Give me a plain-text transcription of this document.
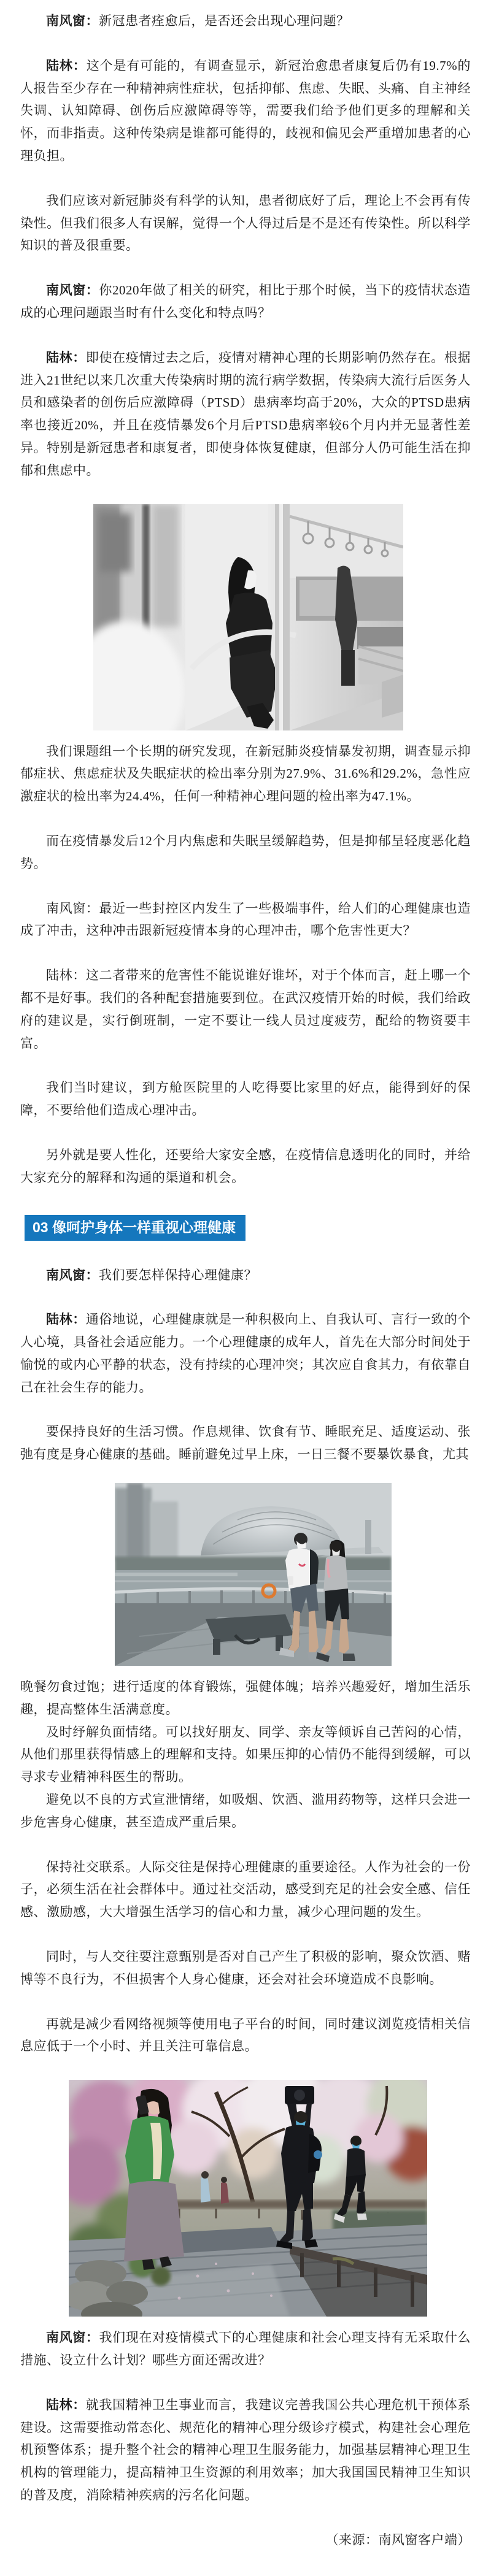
南风窗：新冠患者痊愈后，是否还会出现心理问题？

陆林：这个是有可能的，有调查显示，新冠治愈患者康复后仍有19.7%的人报告至少存在一种精神病性症状，包括抑郁、焦虑、失眠、头痛、自主神经失调、认知障碍、创伤后应激障碍等等，需要我们给予他们更多的理解和关怀，而非指责。这种传染病是谁都可能得的，歧视和偏见会严重增加患者的心理负担。

我们应该对新冠肺炎有科学的认知，患者彻底好了后，理论上不会再有传染性。但我们很多人有误解，觉得一个人得过后是不是还有传染性。所以科学知识的普及很重要。

南风窗：你2020年做了相关的研究，相比于那个时候，当下的疫情状态造成的心理问题跟当时有什么变化和特点吗？

陆林：即使在疫情过去之后，疫情对精神心理的长期影响仍然存在。根据进入21世纪以来几次重大传染病时期的流行病学数据，传染病大流行后医务人员和感染者的创伤后应激障碍（PTSD）患病率均高于20%，大众的PTSD患病率也接近20%，并且在疫情暴发6个月后PTSD患病率较6个月内并无显著性差异。特别是新冠患者和康复者，即使身体恢复健康，但部分人仍可能生活在抑郁和焦虑中。

我们课题组一个长期的研究发现，在新冠肺炎疫情暴发初期，调查显示抑郁症状、焦虑症状及失眠症状的检出率分别为27.9%、31.6%和29.2%，急性应激症状的检出率为24.4%，任何一种精神心理问题的检出率为47.1%。

而在疫情暴发后12个月内焦虑和失眠呈缓解趋势，但是抑郁呈轻度恶化趋势。

南风窗：最近一些封控区内发生了一些极端事件，给人们的心理健康也造成了冲击，这种冲击跟新冠疫情本身的心理冲击，哪个危害性更大？

陆林：这二者带来的危害性不能说谁好谁坏，对于个体而言，赶上哪一个都不是好事。我们的各种配套措施要到位。在武汉疫情开始的时候，我们给政府的建议是，实行倒班制，一定不要让一线人员过度疲劳，配给的物资要丰富。

我们当时建议，到方舱医院里的人吃得要比家里的好点，能得到好的保障，不要给他们造成心理冲击。

另外就是要人性化，还要给大家安全感，在疫情信息透明化的同时，并给大家充分的解释和沟通的渠道和机会。

03 像呵护身体一样重视心理健康

南风窗：我们要怎样保持心理健康？

陆林：通俗地说，心理健康就是一种积极向上、自我认可、言行一致的个人心境，具备社会适应能力。一个心理健康的成年人，首先在大部分时间处于愉悦的或内心平静的状态，没有持续的心理冲突；其次应自食其力，有依靠自己在社会生存的能力。

要保持良好的生活习惯。作息规律、饮食有节、睡眠充足、适度运动、张弛有度是身心健康的基础。睡前避免过早上床，一日三餐不要暴饮暴食，尤其

晚餐勿食过饱；进行适度的体育锻炼，强健体魄；培养兴趣爱好，增加生活乐趣，提高整体生活满意度。

及时纾解负面情绪。可以找好朋友、同学、亲友等倾诉自己苦闷的心情，从他们那里获得情感上的理解和支持。如果压抑的心情仍不能得到缓解，可以寻求专业精神科医生的帮助。

避免以不良的方式宣泄情绪，如吸烟、饮酒、滥用药物等，这样只会进一步危害身心健康，甚至造成严重后果。

保持社交联系。人际交往是保持心理健康的重要途径。人作为社会的一份子，必须生活在社会群体中。通过社交活动，感受到充足的社会安全感、信任感、激励感，大大增强生活学习的信心和力量，减少心理问题的发生。

同时，与人交往要注意甄别是否对自己产生了积极的影响，聚众饮酒、赌博等不良行为，不但损害个人身心健康，还会对社会环境造成不良影响。

再就是减少看网络视频等使用电子平台的时间，同时建议浏览疫情相关信息应低于一个小时、并且关注可靠信息。

南风窗：我们现在对疫情模式下的心理健康和社会心理支持有无采取什么措施、设立什么计划？哪些方面还需改进？

陆林：就我国精神卫生事业而言，我建议完善我国公共心理危机干预体系建设。这需要推动常态化、规范化的精神心理分级诊疗模式，构建社会心理危机预警体系；提升整个社会的精神心理卫生服务能力，加强基层精神心理卫生机构的管理能力，提高精神卫生资源的利用效率；加大我国国民精神卫生知识的普及度，消除精神疾病的污名化问题。

（来源：南风窗客户端）
